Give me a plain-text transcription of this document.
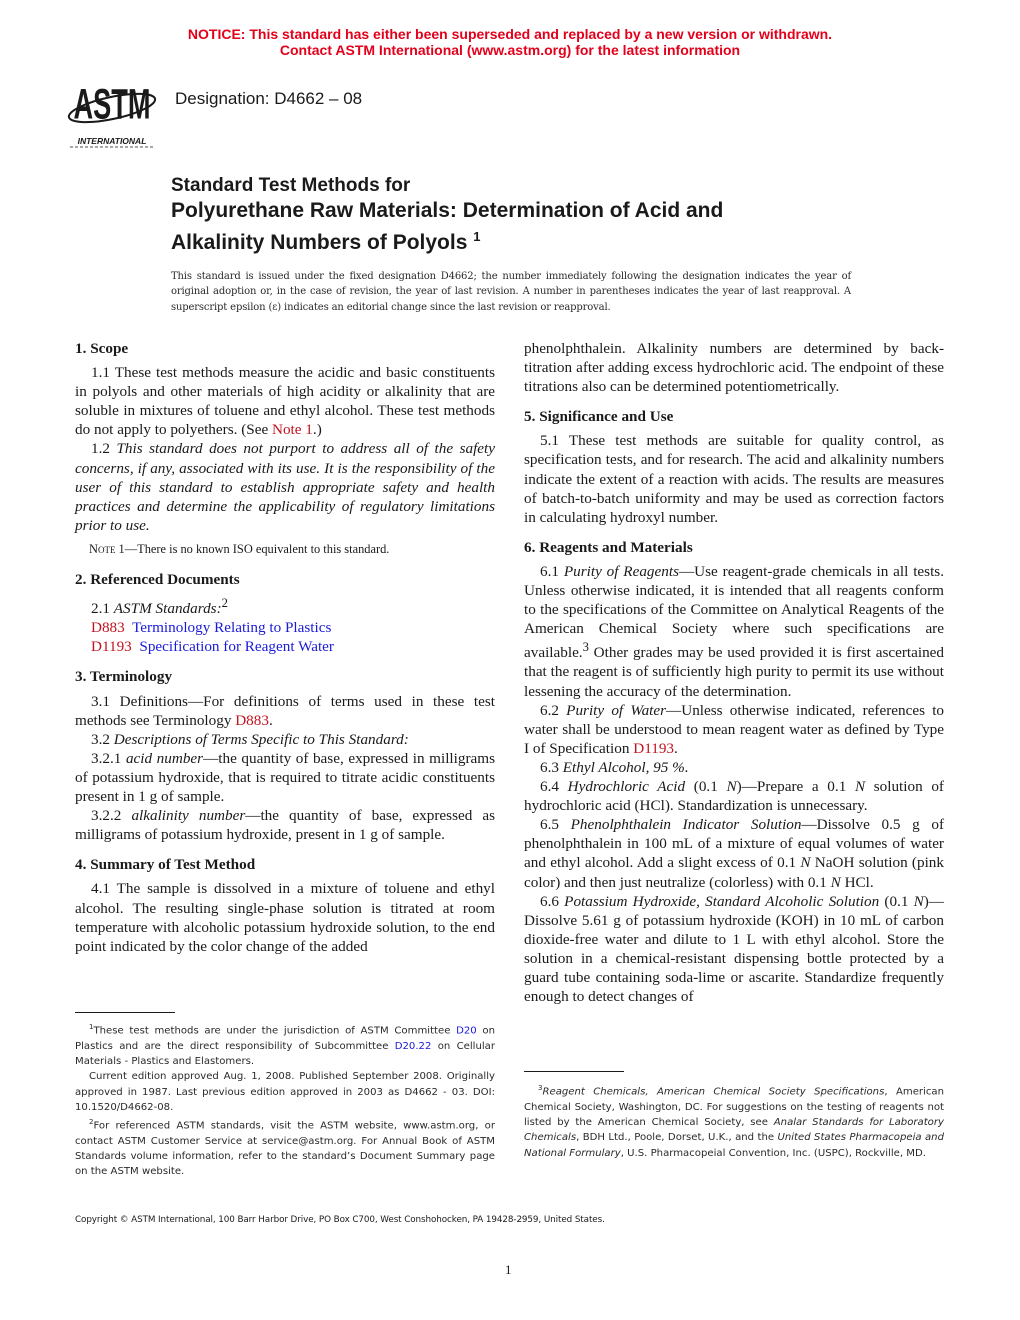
NOTICE: This standard has either been superseded and replaced by a new version or withdrawn.
Contact ASTM International (www.astm.org) for the latest information
ASTM
INTERNATIONAL
Designation: D4662 – 08
Standard Test Methods for
Polyurethane Raw Materials: Determination of Acid and
Alkalinity Numbers of Polyols $^1$
This standard is issued under the fixed designation D4662; the number immediately following the designation indicates the year of original adoption or, in the case of revision, the year of last revision. A number in parentheses indicates the year of last reapproval. A superscript epsilon (ε) indicates an editorial change since the last revision or reapproval.
1. Scope

1.1 These test methods measure the acidic and basic constituents in polyols and other materials of high acidity or alkalinity that are soluble in mixtures of toluene and ethyl alcohol. These test methods do not apply to polyethers. (See Note 1.)

1.2 This standard does not purport to address all of the safety concerns, if any, associated with its use. It is the responsibility of the user of this standard to establish appropriate safety and health practices and determine the applicability of regulatory limitations prior to use.

Note 1—There is no known ISO equivalent to this standard.

2. Referenced Documents

2.1 ASTM Standards:$^2$

D883 Terminology Relating to Plastics

D1193 Specification for Reagent Water

3. Terminology

3.1 Definitions—For definitions of terms used in these test methods see Terminology D883.

3.2 Descriptions of Terms Specific to This Standard:

3.2.1 acid number—the quantity of base, expressed in milligrams of potassium hydroxide, that is required to titrate acidic constituents present in 1 g of sample.

3.2.2 alkalinity number—the quantity of base, expressed as milligrams of potassium hydroxide, present in 1 g of sample.

4. Summary of Test Method

4.1 The sample is dissolved in a mixture of toluene and ethyl alcohol. The resulting single-phase solution is titrated at room temperature with alcoholic potassium hydroxide solution, to the end point indicated by the color change of the added

$^1$These test methods are under the jurisdiction of ASTM Committee D20 on Plastics and are the direct responsibility of Subcommittee D20.22 on Cellular Materials - Plastics and Elastomers.

Current edition approved Aug. 1, 2008. Published September 2008. Originally approved in 1987. Last previous edition approved in 2003 as D4662 - 03. DOI: 10.1520/D4662-08.

$^2$For referenced ASTM standards, visit the ASTM website, www.astm.org, or contact ASTM Customer Service at service@astm.org. For Annual Book of ASTM Standards volume information, refer to the standard’s Document Summary page on the ASTM website.

phenolphthalein. Alkalinity numbers are determined by back-titration after adding excess hydrochloric acid. The endpoint of these titrations also can be determined potentiometrically.

5. Significance and Use

5.1 These test methods are suitable for quality control, as specification tests, and for research. The acid and alkalinity numbers indicate the extent of a reaction with acids. The results are measures of batch-to-batch uniformity and may be used as correction factors in calculating hydroxyl number.

6. Reagents and Materials

6.1 Purity of Reagents—Use reagent-grade chemicals in all tests. Unless otherwise indicated, it is intended that all reagents conform to the specifications of the Committee on Analytical Reagents of the American Chemical Society where such specifications are available.$^3$ Other grades may be used provided it is first ascertained that the reagent is of sufficiently high purity to permit its use without lessening the accuracy of the determination.

6.2 Purity of Water—Unless otherwise indicated, references to water shall be understood to mean reagent water as defined by Type I of Specification D1193.

6.3 Ethyl Alcohol, 95 %.

6.4 Hydrochloric Acid (0.1 N)—Prepare a 0.1 N solution of hydrochloric acid (HCl). Standardization is unnecessary.

6.5 Phenolphthalein Indicator Solution—Dissolve 0.5 g of phenolphthalein in 100 mL of a mixture of equal volumes of water and ethyl alcohol. Add a slight excess of 0.1 N NaOH solution (pink color) and then just neutralize (colorless) with 0.1 N HCl.

6.6 Potassium Hydroxide, Standard Alcoholic Solution (0.1 N)—Dissolve 5.61 g of potassium hydroxide (KOH) in 10 mL of carbon dioxide-free water and dilute to 1 L with ethyl alcohol. Store the solution in a chemical-resistant dispensing bottle protected by a guard tube containing soda-lime or ascarite. Standardize frequently enough to detect changes of

$^3$Reagent Chemicals, American Chemical Society Specifications, American Chemical Society, Washington, DC. For suggestions on the testing of reagents not listed by the American Chemical Society, see Analar Standards for Laboratory Chemicals, BDH Ltd., Poole, Dorset, U.K., and the United States Pharmacopeia and National Formulary, U.S. Pharmacopeial Convention, Inc. (USPC), Rockville, MD.

Copyright © ASTM International, 100 Barr Harbor Drive, PO Box C700, West Conshohocken, PA 19428-2959, United States.
1
